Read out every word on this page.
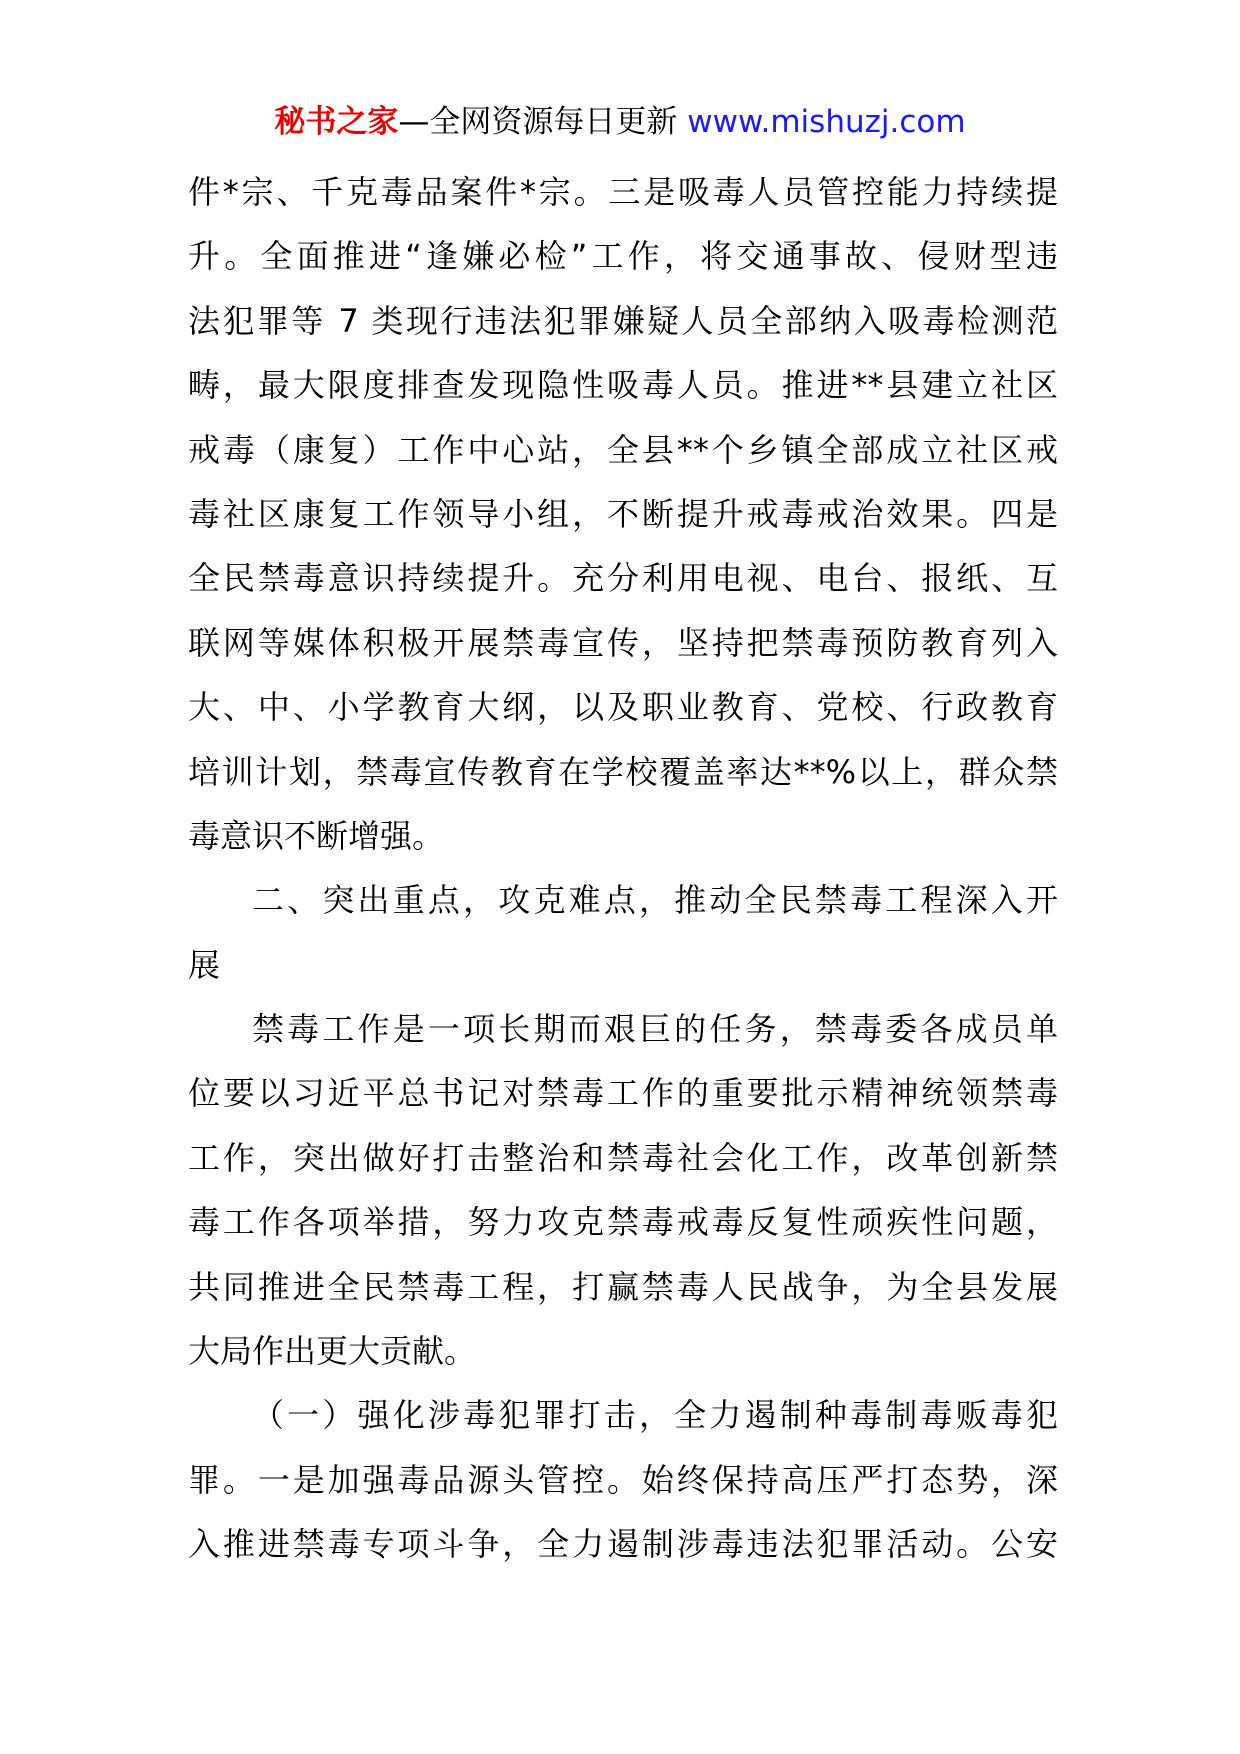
秘书之家—全网资源每日更新 www.mishuzj.com
件*宗、千克毒品案件*宗。三是吸毒人员管控能力持续提
升。全面推进“逢嫌必检”工作，将交通事故、侵财型违
法犯罪等 7 类现行违法犯罪嫌疑人员全部纳入吸毒检测范
畴，最大限度排查发现隐性吸毒人员。推进**县建立社区
戒毒（康复）工作中心站，全县**个乡镇全部成立社区戒
毒社区康复工作领导小组，不断提升戒毒戒治效果。四是
全民禁毒意识持续提升。充分利用电视、电台、报纸、互
联网等媒体积极开展禁毒宣传，坚持把禁毒预防教育列入
大、中、小学教育大纲，以及职业教育、党校、行政教育
培训计划，禁毒宣传教育在学校覆盖率达**%以上，群众禁
毒意识不断增强。
二、突出重点，攻克难点，推动全民禁毒工程深入开
展
禁毒工作是一项长期而艰巨的任务，禁毒委各成员单
位要以习近平总书记对禁毒工作的重要批示精神统领禁毒
工作，突出做好打击整治和禁毒社会化工作，改革创新禁
毒工作各项举措，努力攻克禁毒戒毒反复性顽疾性问题，
共同推进全民禁毒工程，打赢禁毒人民战争，为全县发展
大局作出更大贡献。
（一）强化涉毒犯罪打击，全力遏制种毒制毒贩毒犯
罪。一是加强毒品源头管控。始终保持高压严打态势，深
入推进禁毒专项斗争，全力遏制涉毒违法犯罪活动。公安
